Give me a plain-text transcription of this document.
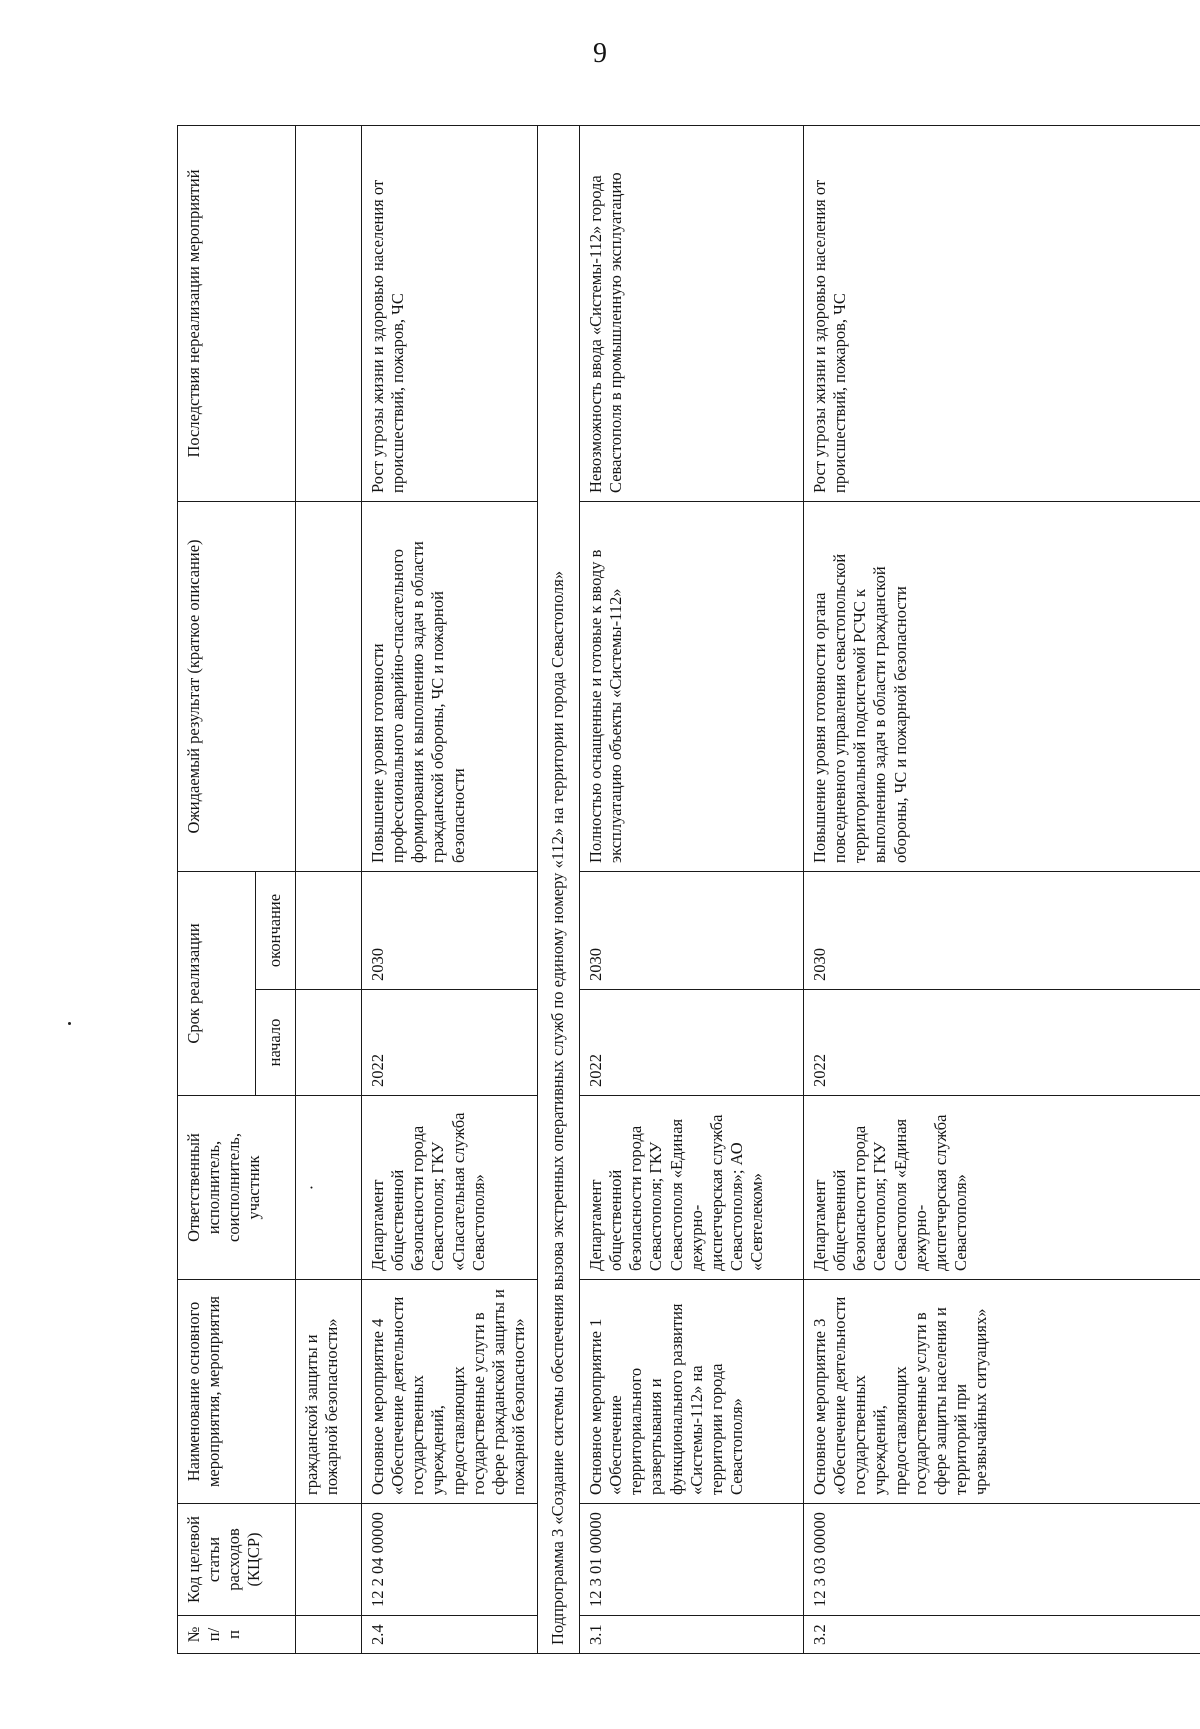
9
№ п/п	Код целевой статьи расходов (КЦСР)	Наименование основного мероприятия, мероприятия	Ответственный исполнитель, соисполнитель, участник	Срок реализации		Ожидаемый результат (краткое описание)	Последствия нереализации мероприятий
				начало	окончание		
		гражданской защиты и пожарной безопасности»	·				
2.4	12 2 04 00000	Основное мероприятие 4 «Обеспечение деятельности государственных учреждений, предоставляющих государственные услуги в сфере гражданской защиты и пожарной безопасности»	Департамент общественной безопасности города Севастополя; ГКУ «Спасательная служба Севастополя»	2022	2030	Повышение уровня готовности профессионального аварийно-спасательного формирования к выполнению задач в области гражданской обороны, ЧС и пожарной безопасности	Рост угрозы жизни и здоровью населения от происшествий, пожаров, ЧС
Подпрограмма 3 «Создание системы обеспечения вызова экстренных оперативных служб по единому номеру «112» на территории города Севастополя»							
3.1	12 3 01 00000	Основное мероприятие 1 «Обеспечение территориального развертывания и функционального развития «Системы-112» на территории города Севастополя»	Департамент общественной безопасности города Севастополя; ГКУ Севастополя «Единая дежурно-диспетчерская служба Севастополя»; АО «Севтелеком»	2022	2030	Полностью оснащенные и готовые к вводу в эксплуатацию объекты «Системы-112»	Невозможность ввода «Системы-112» города Севастополя в промышленную эксплуатацию
3.2	12 3 03 00000	Основное мероприятие 3 «Обеспечение деятельности государственных учреждений, предоставляющих государственные услуги в сфере защиты населения и территорий при чрезвычайных ситуациях»	Департамент общественной безопасности города Севастополя; ГКУ Севастополя «Единая дежурно-диспетчерская служба Севастополя»	2022	2030	Повышение уровня готовности органа повседневного управления севастопольской территориальной подсистемой РСЧС к выполнению задач в области гражданской обороны, ЧС и пожарной безопасности	Рост угрозы жизни и здоровью населения от происшествий, пожаров, ЧС
